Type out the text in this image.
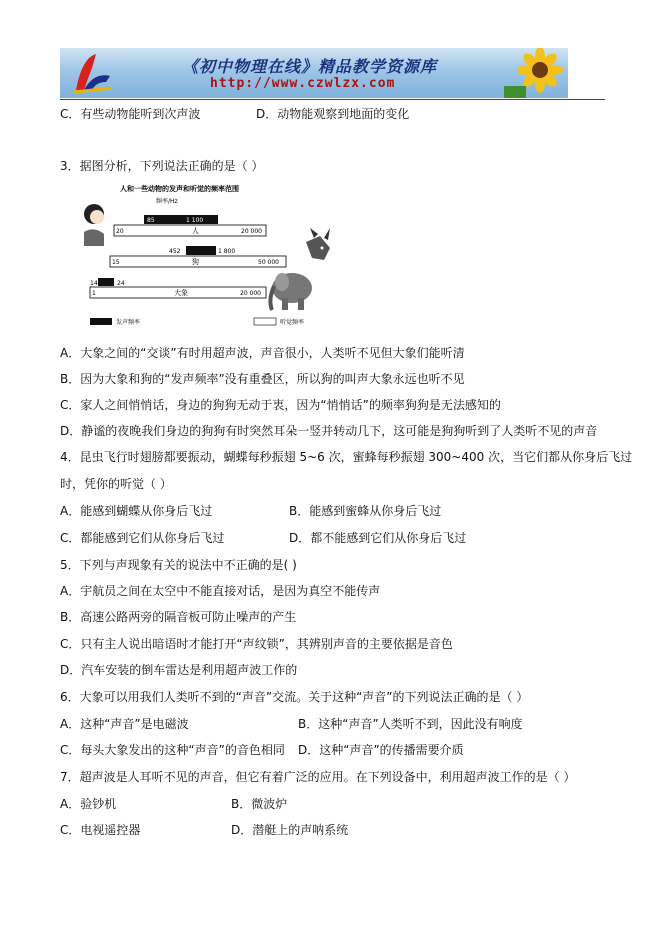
《初中物理在线》精品教学资源库
http://www.czwlzx.com
C．有些动物能听到次声波	D．动物能观察到地面的变化
3．据图分析，下列说法正确的是（ ）
人和一些动物的发声和听觉的频率范围
频率/Hz
85	1 100
20	人	20 000
452	1 800
15	狗	50 000
14	24
1	大象	20 000
发声频率	听觉频率
A．大象之间的“交谈”有时用超声波，声音很小，人类听不见但大象们能听清
B．因为大象和狗的“发声频率”没有重叠区，所以狗的叫声大象永远也听不见
C．家人之间悄悄话，身边的狗狗无动于衷，因为“悄悄话”的频率狗狗是无法感知的
D．静谧的夜晚我们身边的狗狗有时突然耳朵一竖并转动几下，这可能是狗狗听到了人类听不见的声音
4．昆虫飞行时翅膀都要振动，蝴蝶每秒振翅 5~6 次，蜜蜂每秒振翅 300~400 次，当它们都从你身后飞过
时，凭你的听觉（ ）
A．能感到蝴蝶从你身后飞过	B．能感到蜜蜂从你身后飞过
C．都能感到它们从你身后飞过	D．都不能感到它们从你身后飞过
5．下列与声现象有关的说法中不正确的是( )
A．宇航员之间在太空中不能直接对话，是因为真空不能传声
B．高速公路两旁的隔音板可防止噪声的产生
C．只有主人说出暗语时才能打开“声纹锁”，其辨别声音的主要依据是音色
D．汽车安装的倒车雷达是利用超声波工作的
6．大象可以用我们人类听不到的“声音”交流。关于这种“声音”的下列说法正确的是（ ）
A．这种“声音”是电磁波	B．这种“声音”人类听不到，因此没有响度
C．每头大象发出的这种“声音”的音色相同 D．这种“声音”的传播需要介质
7．超声波是人耳听不见的声音，但它有着广泛的应用。在下列设备中，利用超声波工作的是（ ）
A．验钞机	B．微波炉
C．电视遥控器	D．潜艇上的声呐系统
